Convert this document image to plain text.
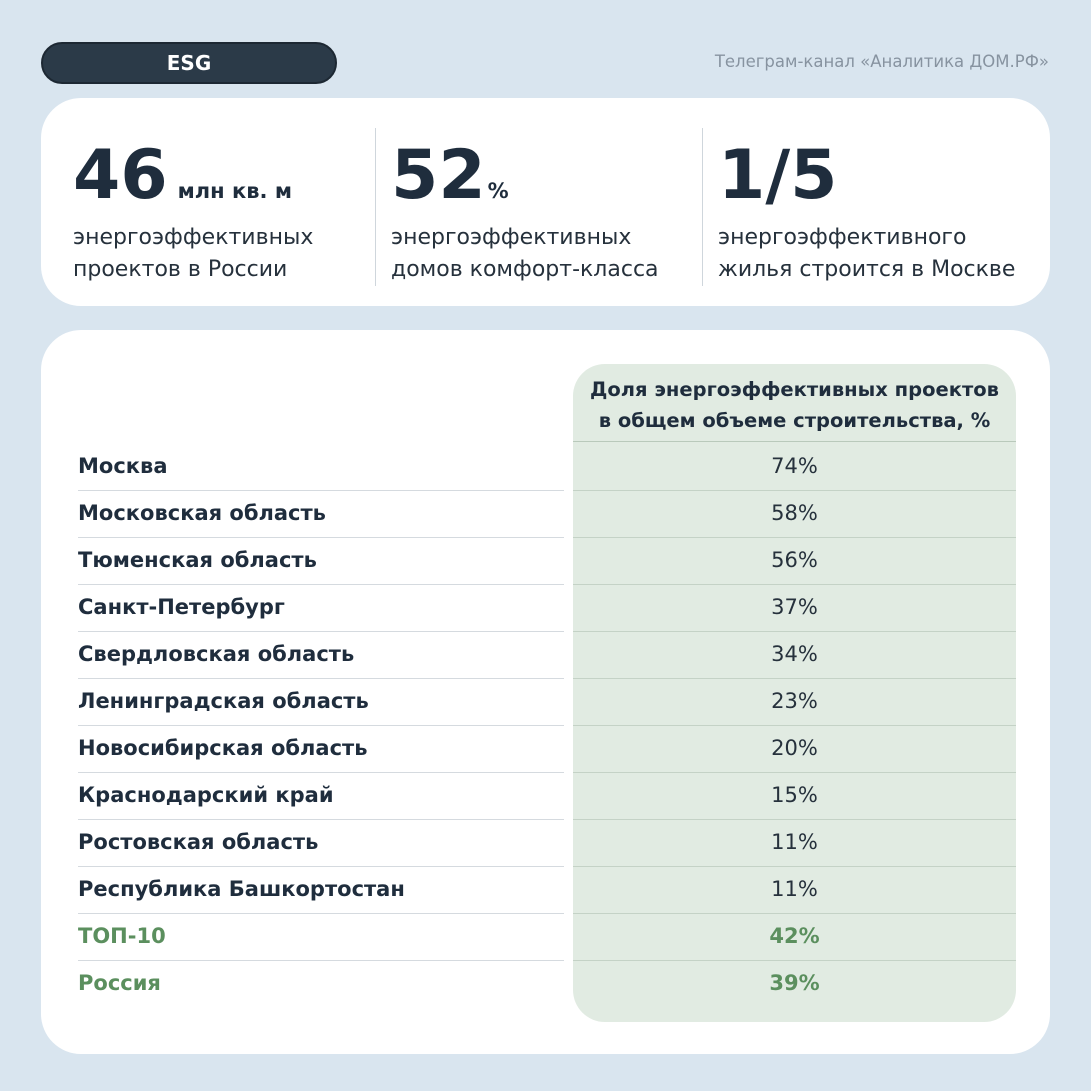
ESG	Телеграм-канал «Аналитика ДОМ.РФ»
46 млн кв. м
энергоэффективных
проектов в России
52%
энергоэффективных
домов комфорт-класса
1/5
энергоэффективного
жилья строится в Москве
Доля энергоэффективных проектов
в общем объеме строительства, %
Москва	74%
Московская область	58%
Тюменская область	56%
Санкт-Петербург	37%
Свердловская область	34%
Ленинградская область	23%
Новосибирская область	20%
Краснодарский край	15%
Ростовская область	11%
Республика Башкортостан	11%
ТОП-10	42%
Россия	39%
